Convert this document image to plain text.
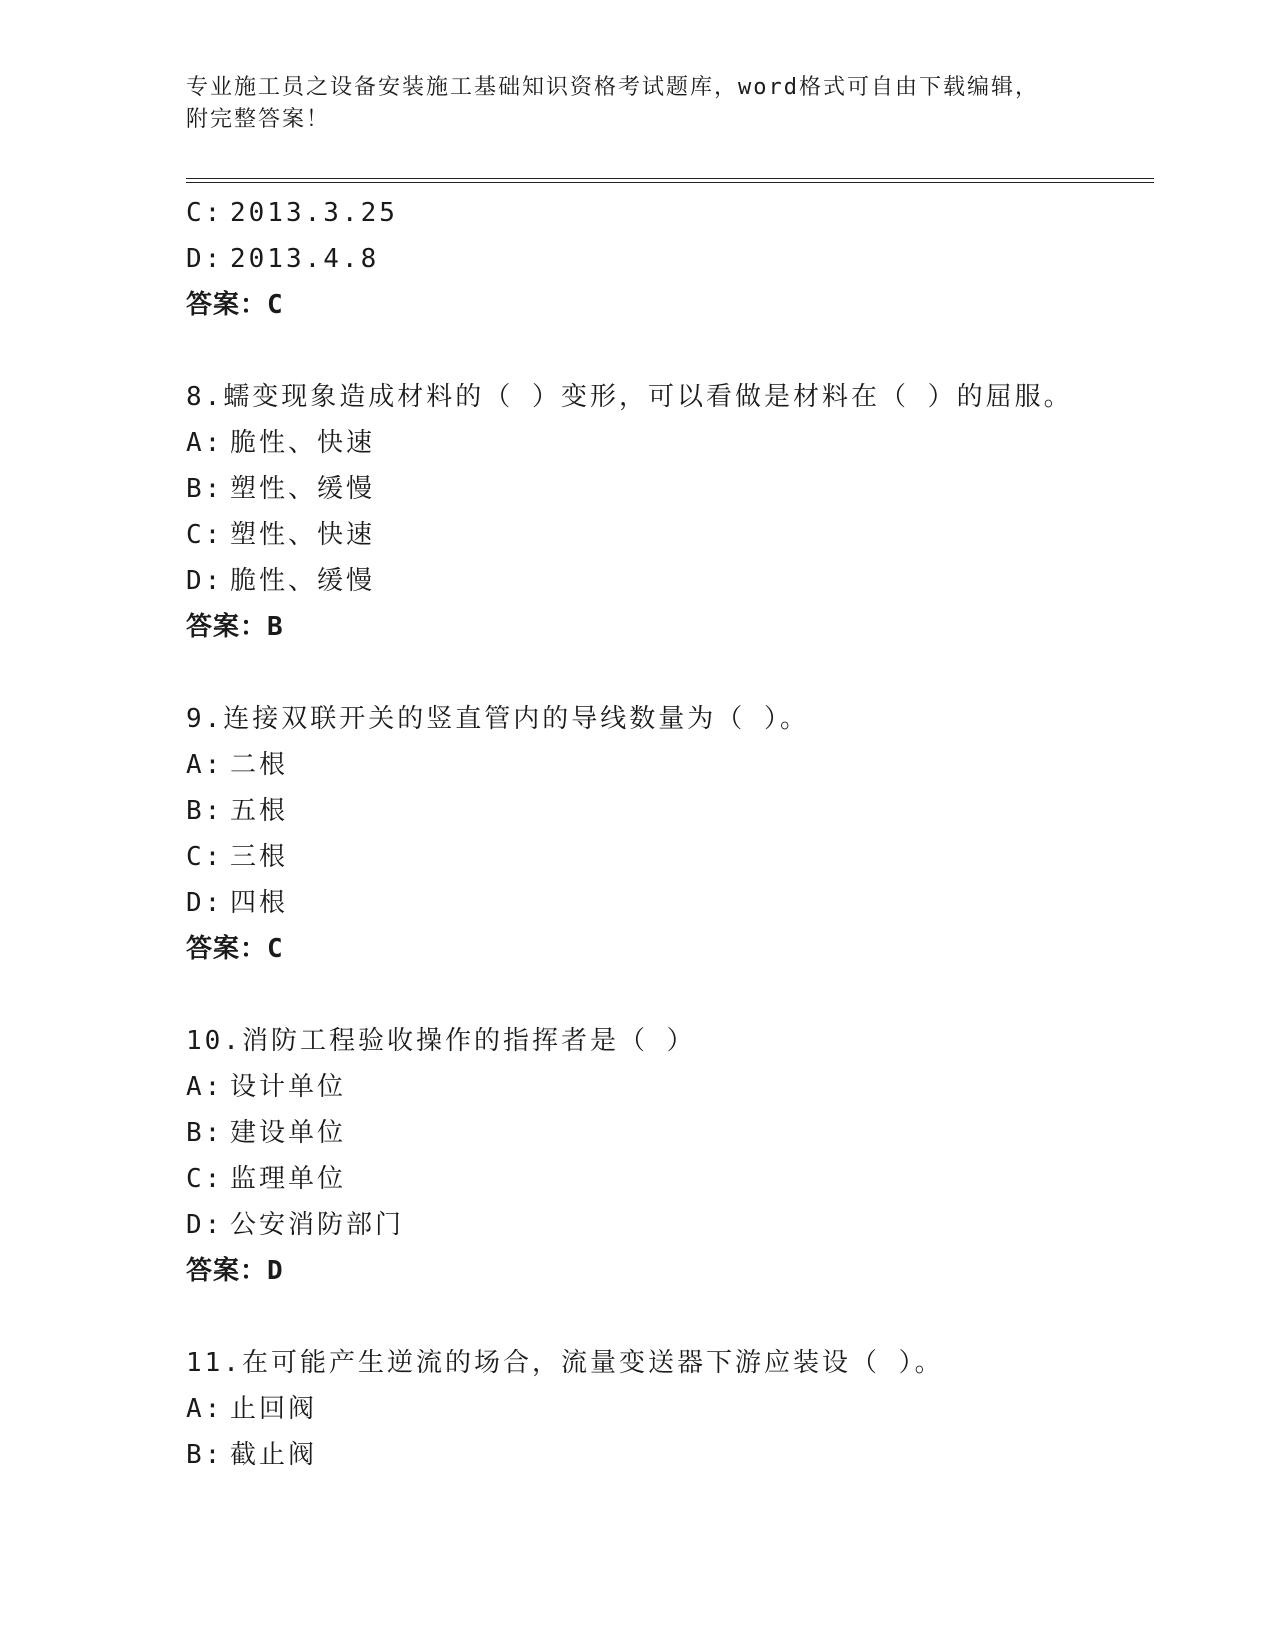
专业施工员之设备安装施工基础知识资格考试题库，word格式可自由下载编辑，
附完整答案！
C: 2013.3.25
D: 2013.4.8
答案：C
8.蠕变现象造成材料的（ ）变形，可以看做是材料在（ ）的屈服。
A: 脆性、快速
B: 塑性、缓慢
C: 塑性、快速
D: 脆性、缓慢
答案：B
9.连接双联开关的竖直管内的导线数量为（ ）。
A: 二根
B: 五根
C: 三根
D: 四根
答案：C
10.消防工程验收操作的指挥者是（ ）
A: 设计单位
B: 建设单位
C: 监理单位
D: 公安消防部门
答案：D
11.在可能产生逆流的场合，流量变送器下游应装设（ ）。
A: 止回阀
B: 截止阀
